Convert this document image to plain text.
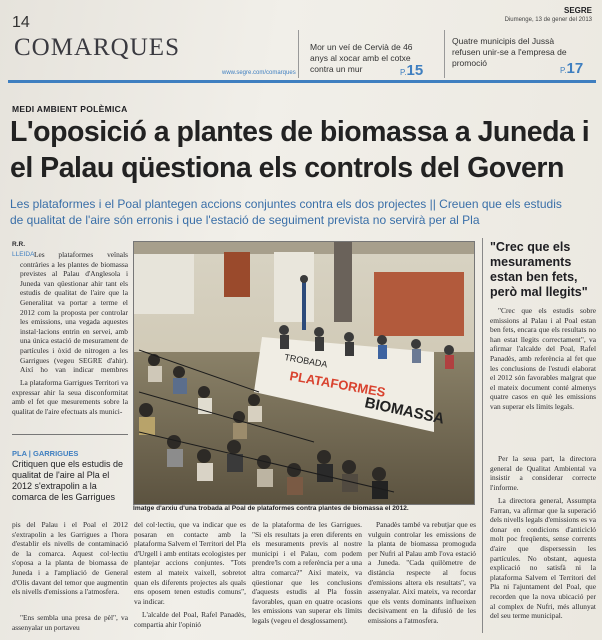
14
COMARQUES
www.segre.com/comarques
SEGRE
Diumenge, 13 de gener del 2013
Mor un veí de Cervià de 46 anys al xocar amb el cotxe contra un mur	P.15
Quatre municipis del Jussà refusen unir-se a l'empresa de promoció
P.17
MEDI AMBIENT POLÈMICA
L'oposició a plantes de biomassa a Juneda i
el Palau qüestiona els controls del Govern
Les plataformes i el Poal plantegen accions conjuntes contra els dos projectes || Creuen que els estudis
de qualitat de l'aire són erronis i que l'estació de seguiment prevista no servirà per al Pla
R.R.
LLEIDA Les plataformes veïnals contràries a les plantes de biomassa previstes al Palau d'Anglesola i Juneda van qüestionar ahir tant els estudis de qualitat de l'aire que la Generalitat va portar a terme el 2012 com la proposta per controlar les emissions, una vegada aquestes instal·lacions entrin en servei, amb una única estació de mesurament de partícules i òxid de nitrogen a les Garrigues (vegeu SEGRE d'ahir). Així ho van indicar membres
La plataforma Garrigues Territori va expressar ahir la seua disconformitat amb el fet que mesurements sobre la qualitat de l'aire efectuats als munici-
PLA | GARRIGUES
Critiquen que els estudis de qualitat de l'aire al Pla el 2012 s'extrapolin a la comarca de les Garrigues
TROBADA
PLATAFORMES
BIOMASSA
Imatge d'arxiu d'una trobada al Poal de plataformes contra plantes de biomassa el 2012.
"Crec que els mesuraments estan ben fets, però mal llegits"
"Crec que els estudis sobre emissions al Palau i al Poal estan ben fets, encara que els resultats no han estat llegits correctament", va afirmar l'alcalde del Poal, Rafel Panadès, amb referència al fet que les conclusions de l'estudi elaborat el 2012 són favorables malgrat que el mateix document conté almenys quatre casos en què les emissions van superar els límits legals.
Per la seua part, la directora general de Qualitat Ambiental va insistir a considerar correcte l'informe.
La directora general, Assumpta Farran, va afirmar que la superació dels nivells legals d'emissions es va donar en condicions d'anticicló molt poc freqüents, sense corrents d'aire que dispersessin les partícules. No obstant, aquesta explicació no satisfà ni la plataforma Salvem el Territori del Pla ni l'ajuntament del Poal, que recorden que la nova ubicació per al complex de Nufri, més allunyat del seu terme municipal.
pis del Palau i el Poal el 2012 s'extrapolin a les Garrigues a l'hora d'establir els nivells de contaminació de la comarca. Aquest col·lectiu s'oposa a la planta de biomassa de Juneda i a l'ampliació de General d'Olis davant del temor que augmentin els nivells d'emissions a l'atmosfera.
"Ens sembla una presa de pèl", va assenyalar un portaveu
del col·lectiu, que va indicar que es posaran en contacte amb la plataforma Salvem el Territori del Pla d'Urgell i amb entitats ecologistes per plantejar accions conjuntes. "Tots estem al mateix vaixell, sobretot quan els diferents projectes als quals ens oposem tenen estudis comuns", va indicar.
L'alcalde del Poal, Rafel Panadès, compartia ahir l'opinió
de la plataforma de les Garrigues. "Si els resultats ja eren diferents en els mesuraments previs al nostre municipi i el Palau, com podem prendre'ls com a referència per a una altra comarca?" Així mateix, va qüestionar que les conclusions d'aquests estudis al Pla fossin favorables, quan en quatre ocasions les emissions van superar els límits legals (vegeu el desglossament).
Panadès també va rebutjar que es vulguin controlar les emissions de la planta de biomassa promoguda per Nufri al Palau amb l'ova estació a Juneda. "Cada quilòmetre de distància respecte al focus d'emissions altera els resultats", va assenyalar. Així mateix, va recordar que els vents dominants influeixen decisivament en la difusió de les emissions a l'atmosfera.
